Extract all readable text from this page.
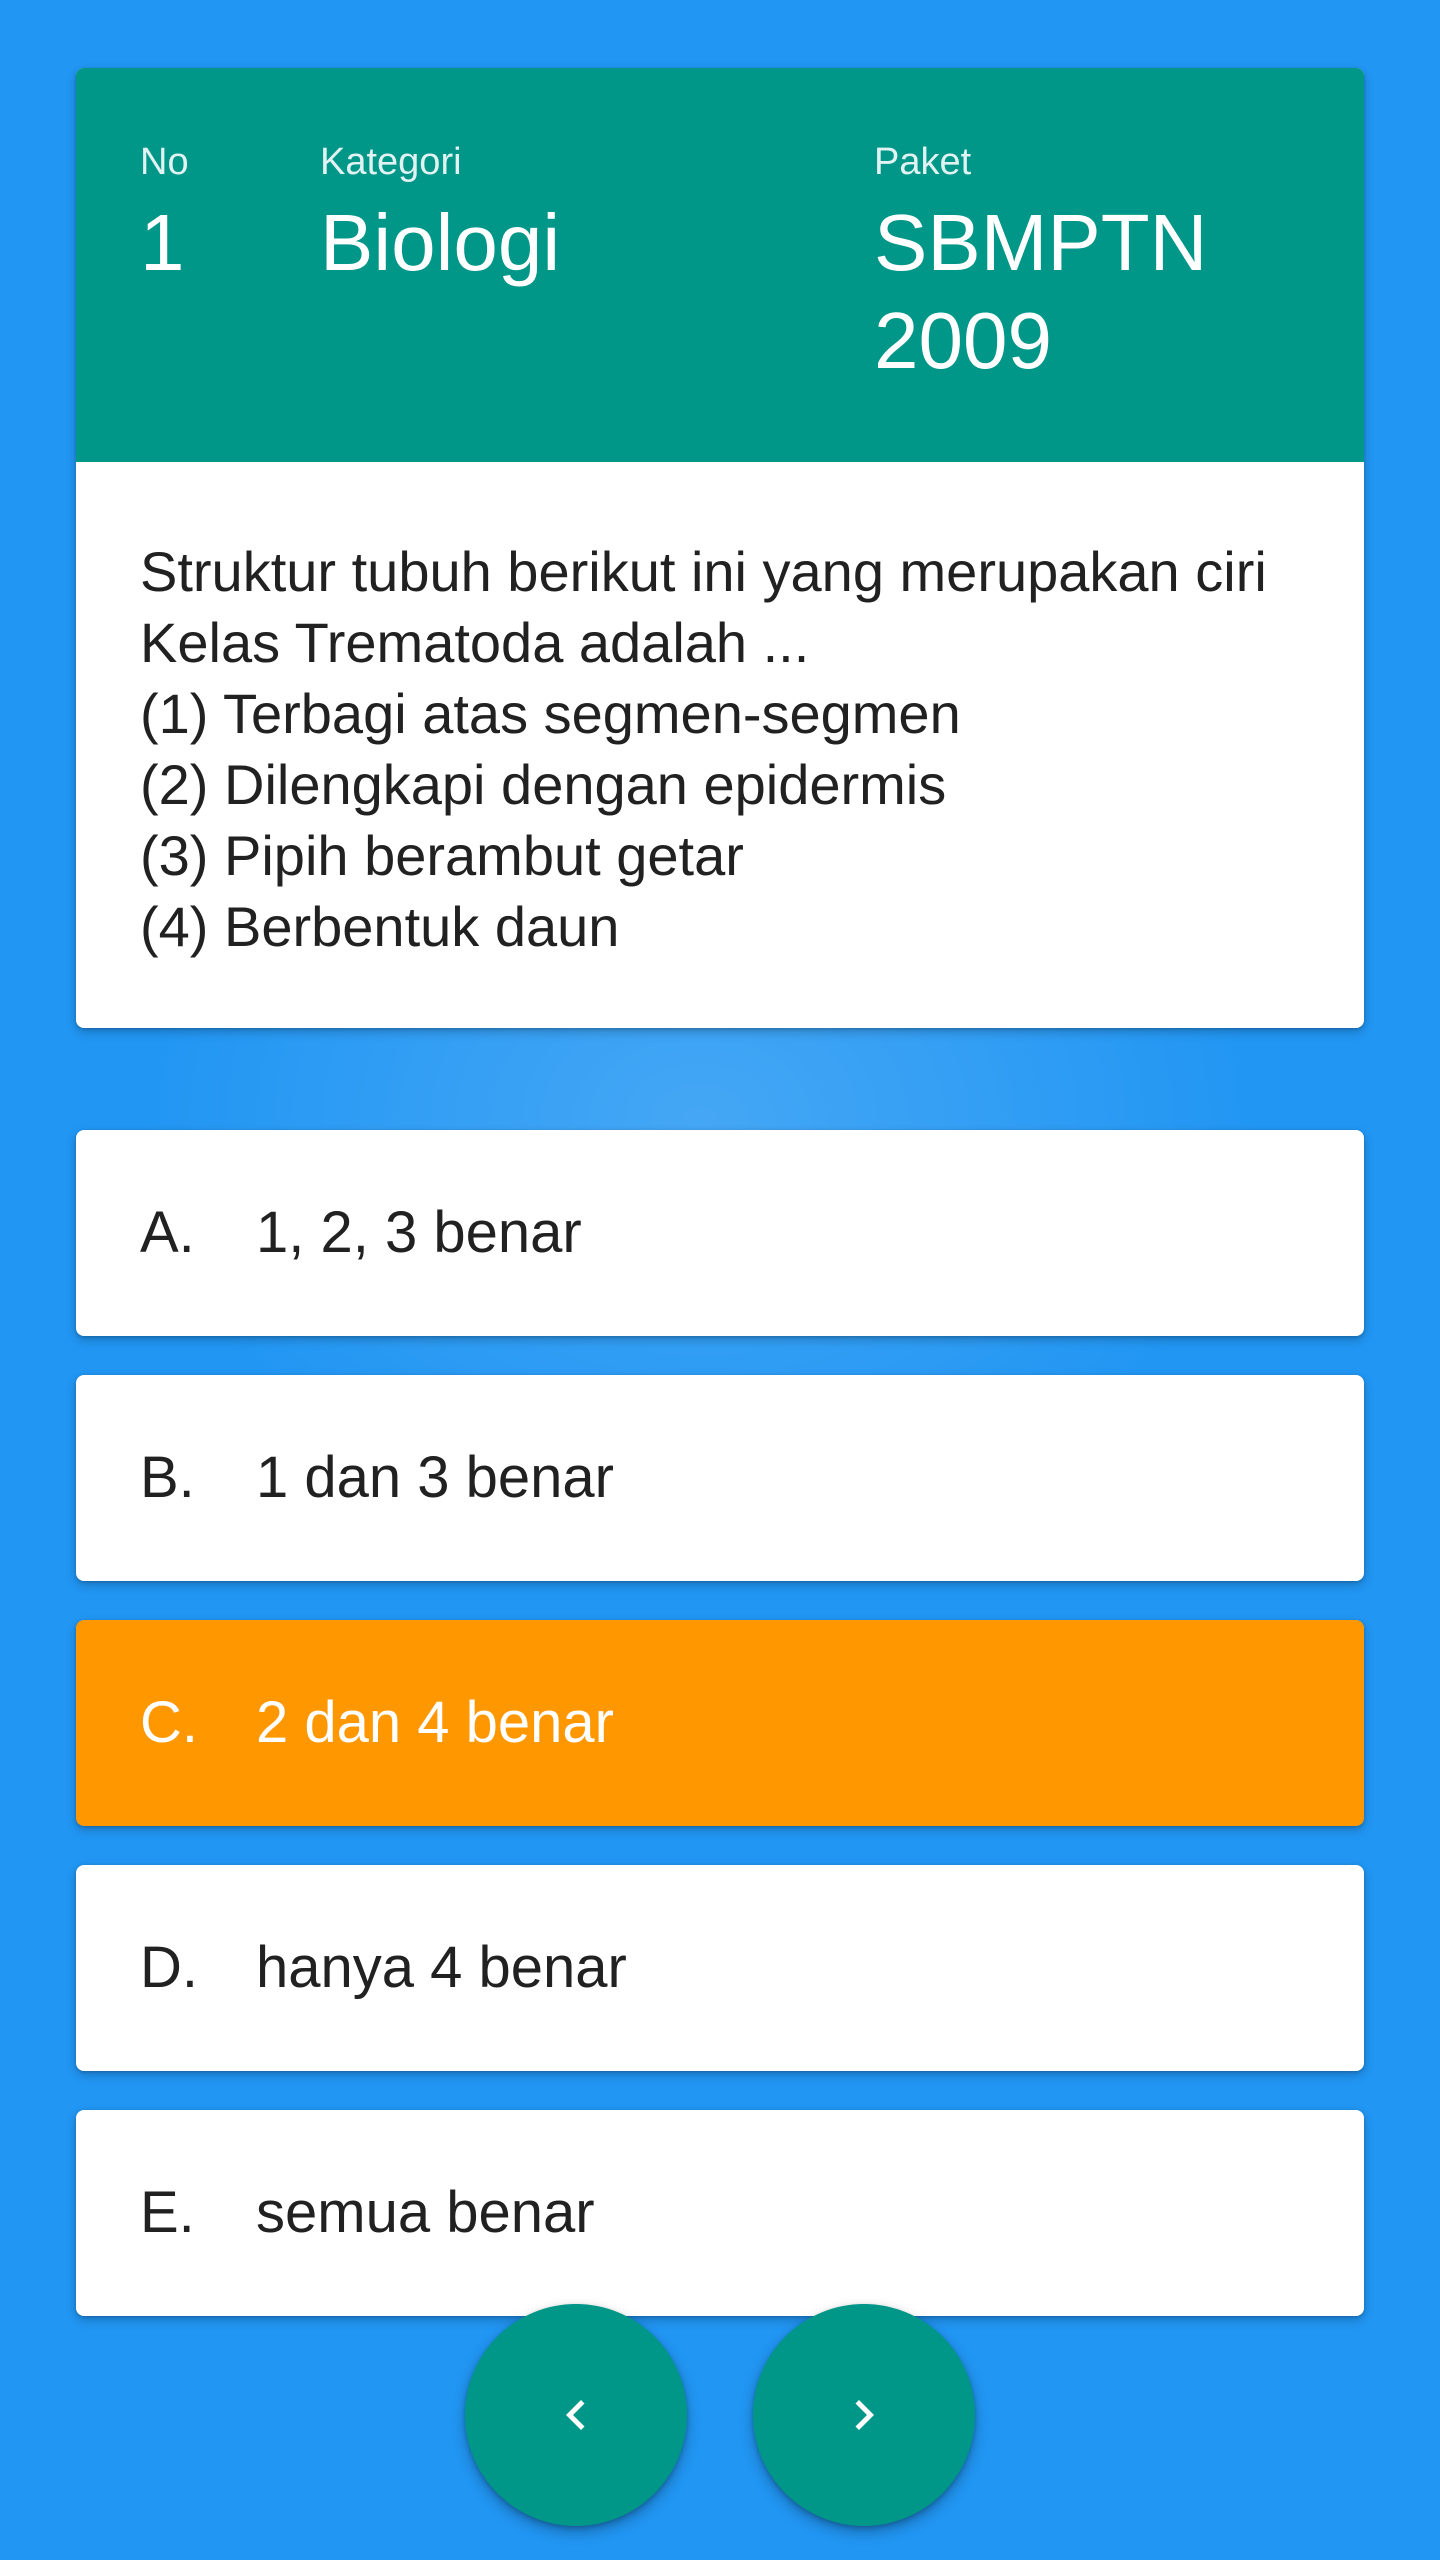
No
1
Kategori
Biologi
Paket
SBMPTN 2009

Struktur tubuh berikut ini yang merupakan ciri Kelas Trematoda adalah ...

(1) Terbagi atas segmen-segmen

(2) Dilengkapi dengan epidermis

(3) Pipih berambut getar

(4) Berbentuk daun

A. 1, 2, 3 benar
B. 1 dan 3 benar
C. 2 dan 4 benar
D. hanya 4 benar
E. semua benar
